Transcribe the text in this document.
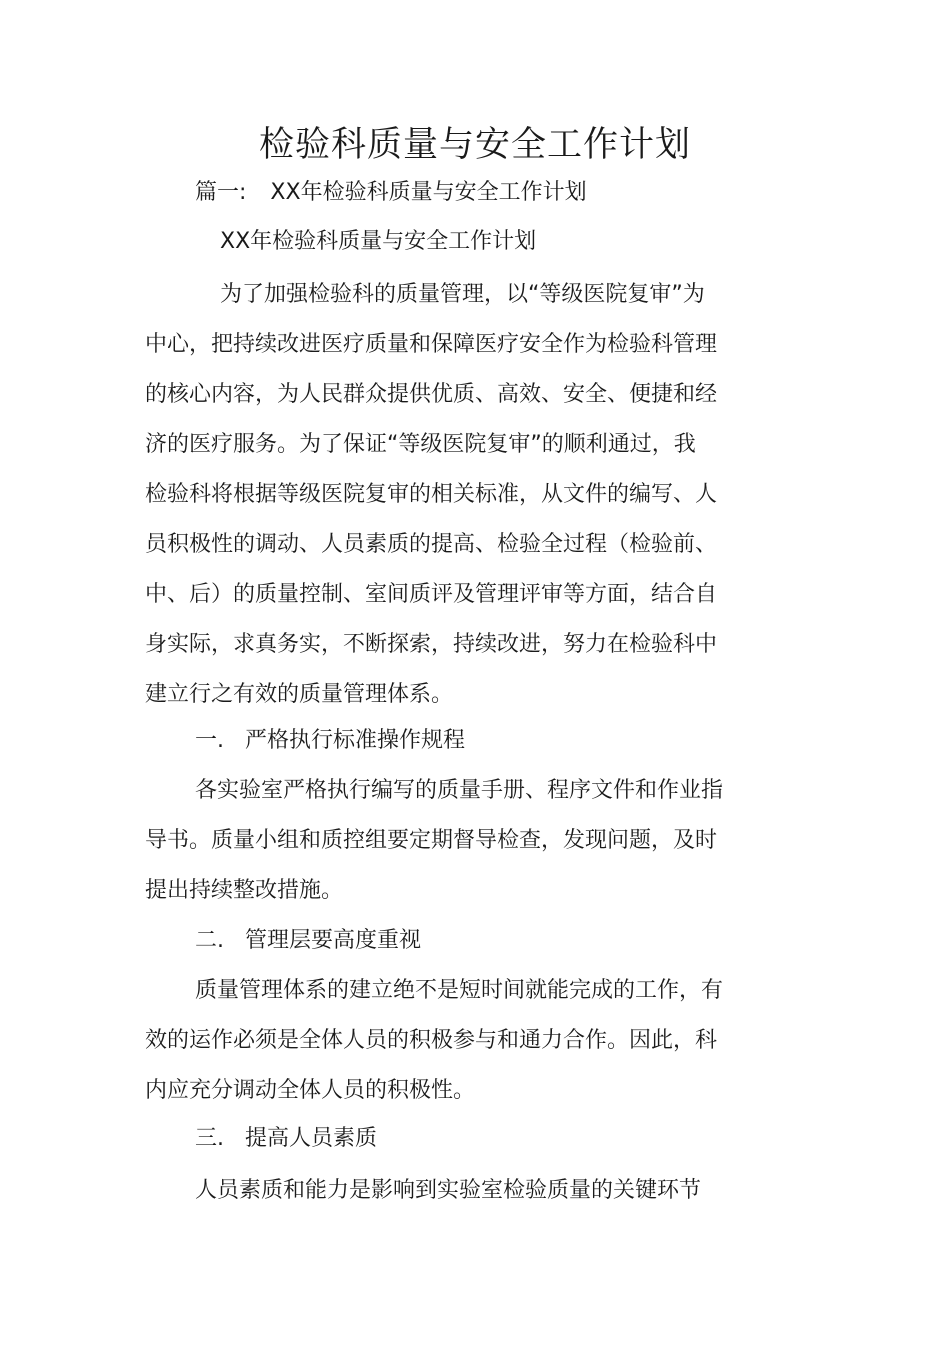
检验科质量与安全工作计划
篇一: XX年检验科质量与安全工作计划
XX年检验科质量与安全工作计划
为了加强检验科的质量管理，以“等级医院复审”为
中心，把持续改进医疗质量和保障医疗安全作为检验科管理
的核心内容，为人民群众提供优质、高效、安全、便捷和经
济的医疗服务。为了保证“等级医院复审”的顺利通过，我
检验科将根据等级医院复审的相关标准，从文件的编写、人
员积极性的调动、人员素质的提高、检验全过程（检验前、
中、后）的质量控制、室间质评及管理评审等方面，结合自
身实际，求真务实，不断探索，持续改进，努力在检验科中
建立行之有效的质量管理体系。
一. 严格执行标准操作规程
各实验室严格执行编写的质量手册、程序文件和作业指
导书。质量小组和质控组要定期督导检查，发现问题，及时
提出持续整改措施。
二. 管理层要高度重视
质量管理体系的建立绝不是短时间就能完成的工作，有
效的运作必须是全体人员的积极参与和通力合作。因此，科
内应充分调动全体人员的积极性。
三. 提高人员素质
人员素质和能力是影响到实验室检验质量的关键环节
